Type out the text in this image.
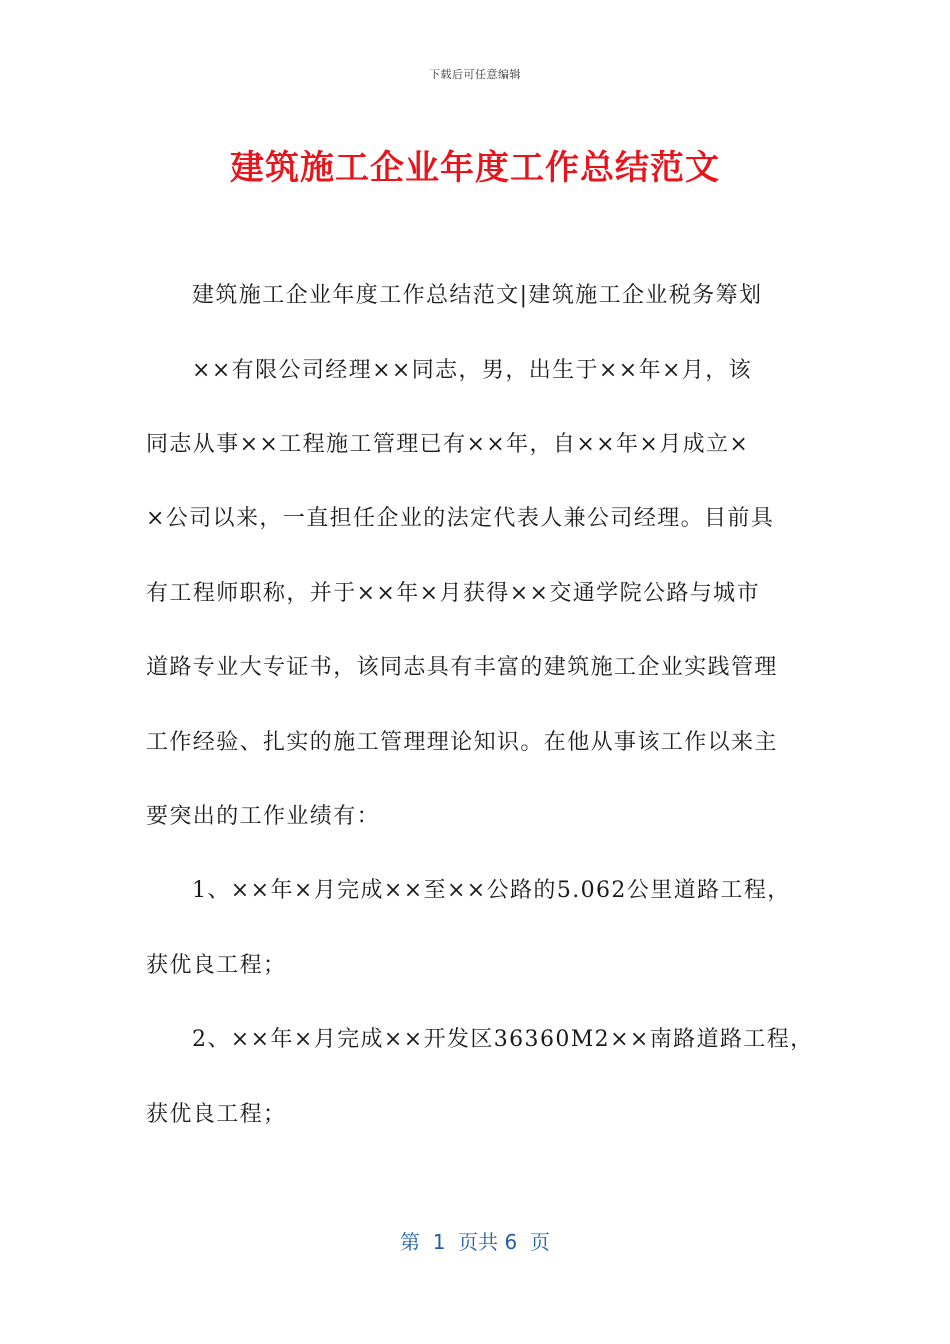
下载后可任意编辑
建筑施工企业年度工作总结范文
建筑施工企业年度工作总结范文|建筑施工企业税务筹划
××有限公司经理××同志，男，出生于××年×月，该
同志从事××工程施工管理已有××年，自××年×月成立×
×公司以来，一直担任企业的法定代表人兼公司经理。目前具
有工程师职称，并于××年×月获得××交通学院公路与城市
道路专业大专证书，该同志具有丰富的建筑施工企业实践管理
工作经验、扎实的施工管理理论知识。在他从事该工作以来主
要突出的工作业绩有：
1、××年×月完成××至××公路的5.062公里道路工程，
获优良工程；
2、××年×月完成××开发区36360M2××南路道路工程，
获优良工程；
第  1  页共 6  页
